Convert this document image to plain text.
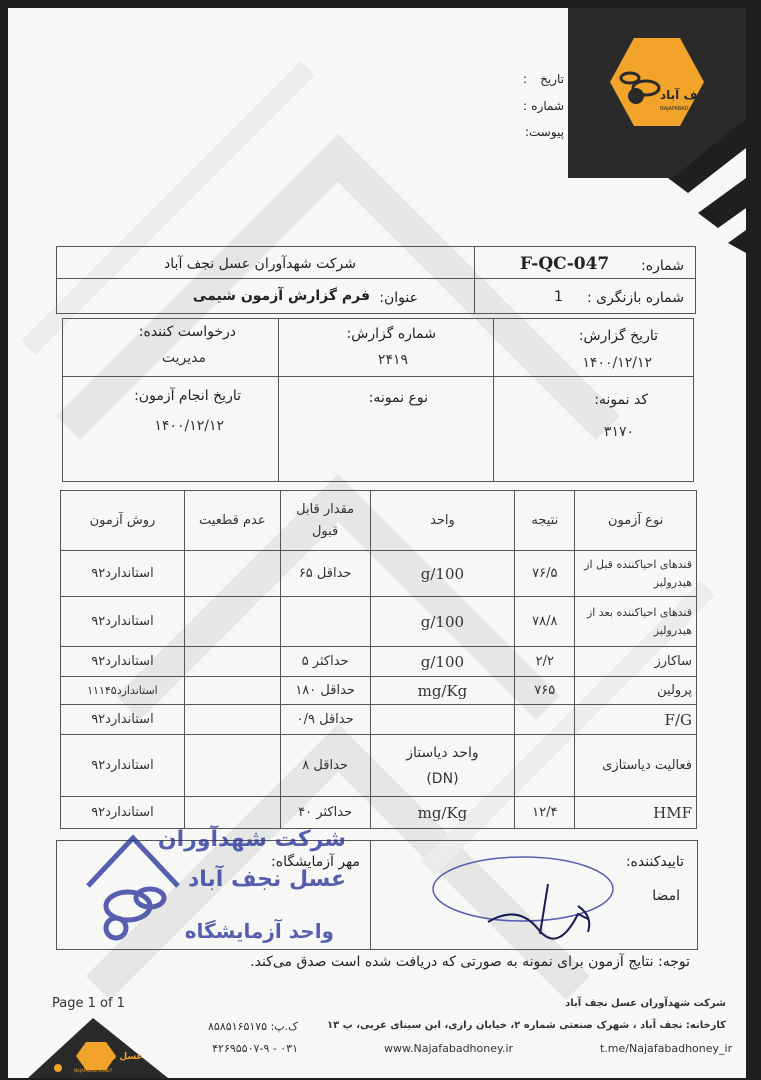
عسل نجف آباد
NAJAFABAD HONEY
تاریخ
:
شماره
:
پیوست:
شرکت شهدآوران عسل نجف آباد	شماره:
F-QC-047
عنوان:
فرم گزارش آزمون شیمی	شماره بازنگری :
1
درخواست کننده:
مدیریت
شماره گزارش:
۲۴۱۹
تاریخ گزارش:
۱۴۰۰/۱۲/۱۲
تاریخ انجام آزمون:
۱۴۰۰/۱۲/۱۲
نوع نمونه:	کد نمونه:
۳۱۷۰
نوع آزمون	نتیجه	واحد	مقدار قابل قبول	عدم قطعیت	روش آزمون
قندهای احیاکننده قبل از هیدرولیز	۷۶/۵	g/100	حداقل ۶۵		استاندارد۹۲
قندهای احیاکننده بعد از هیدرولیز	۷۸/۸	g/100			استاندارد۹۲
ساکارز	۲/۲	g/100	حداکثر ۵		استاندارد۹۲
پرولین	۷۶۵	mg/Kg	حداقل ۱۸۰		استاندارد۱۱۱۴۵
F/G			حداقل ۰/۹		استاندارد۹۲
فعالیت دیاستازی		واحد دیاستاز (DN)	حداقل ۸		استاندارد۹۲
HMF	۱۲/۴	mg/Kg	حداکثر ۴۰		استاندارد۹۲
تاییدکننده:
امضا
مهر آزمایشگاه:
شرکت شهدآوران
عسل نجف آباد
واحد آزمایشگاه
توجه: نتایج آزمون برای نمونه به صورتی که دریافت شده است صدق می‌کند.
Page 1 of 1	شرکت شهدآوران عسل نجف آباد
کارخانه: نجف آباد ، شهرک صنعتی شماره ۲، خیابان رازی، ابن سینای غربی، پ ۱۳
ک.پ: ۸۵۸۵۱۶۵۱۷۵
۰۳۱ - ۴۲۶۹۵۵۰۷-۹	www.Najafabadhoney.ir	t.me/Najafabadhoney_ir
عسل نجف آباد
NAJAFABAD HONEY
